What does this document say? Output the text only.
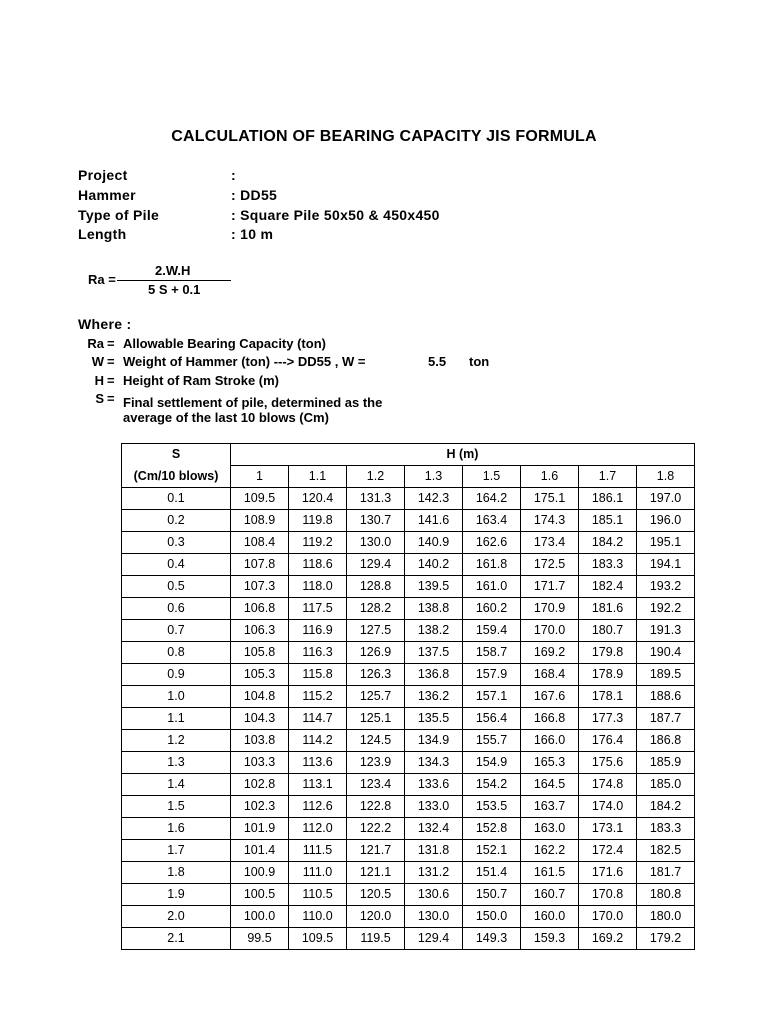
CALCULATION OF BEARING CAPACITY JIS FORMULA
Project	:
Hammer	: DD55
Type of Pile	: Square Pile 50x50 & 450x450
Length	: 10 m
Ra =
2.W.H
5 S + 0.1
Where :
Ra = Allowable Bearing Capacity (ton)
W = Weight of Hammer (ton) ---> DD55 , W =	5.5 ton
H = Height of Ram Stroke (m)
S = Final settlement of pile, determined as the
average of the last 10 blows (Cm)
S	H (m)							
(Cm/10 blows)	1	1.1	1.2	1.3	1.5	1.6	1.7	1.8
0.1	109.5	120.4	131.3	142.3	164.2	175.1	186.1	197.0
0.2	108.9	119.8	130.7	141.6	163.4	174.3	185.1	196.0
0.3	108.4	119.2	130.0	140.9	162.6	173.4	184.2	195.1
0.4	107.8	118.6	129.4	140.2	161.8	172.5	183.3	194.1
0.5	107.3	118.0	128.8	139.5	161.0	171.7	182.4	193.2
0.6	106.8	117.5	128.2	138.8	160.2	170.9	181.6	192.2
0.7	106.3	116.9	127.5	138.2	159.4	170.0	180.7	191.3
0.8	105.8	116.3	126.9	137.5	158.7	169.2	179.8	190.4
0.9	105.3	115.8	126.3	136.8	157.9	168.4	178.9	189.5
1.0	104.8	115.2	125.7	136.2	157.1	167.6	178.1	188.6
1.1	104.3	114.7	125.1	135.5	156.4	166.8	177.3	187.7
1.2	103.8	114.2	124.5	134.9	155.7	166.0	176.4	186.8
1.3	103.3	113.6	123.9	134.3	154.9	165.3	175.6	185.9
1.4	102.8	113.1	123.4	133.6	154.2	164.5	174.8	185.0
1.5	102.3	112.6	122.8	133.0	153.5	163.7	174.0	184.2
1.6	101.9	112.0	122.2	132.4	152.8	163.0	173.1	183.3
1.7	101.4	111.5	121.7	131.8	152.1	162.2	172.4	182.5
1.8	100.9	111.0	121.1	131.2	151.4	161.5	171.6	181.7
1.9	100.5	110.5	120.5	130.6	150.7	160.7	170.8	180.8
2.0	100.0	110.0	120.0	130.0	150.0	160.0	170.0	180.0
2.1	99.5	109.5	119.5	129.4	149.3	159.3	169.2	179.2
